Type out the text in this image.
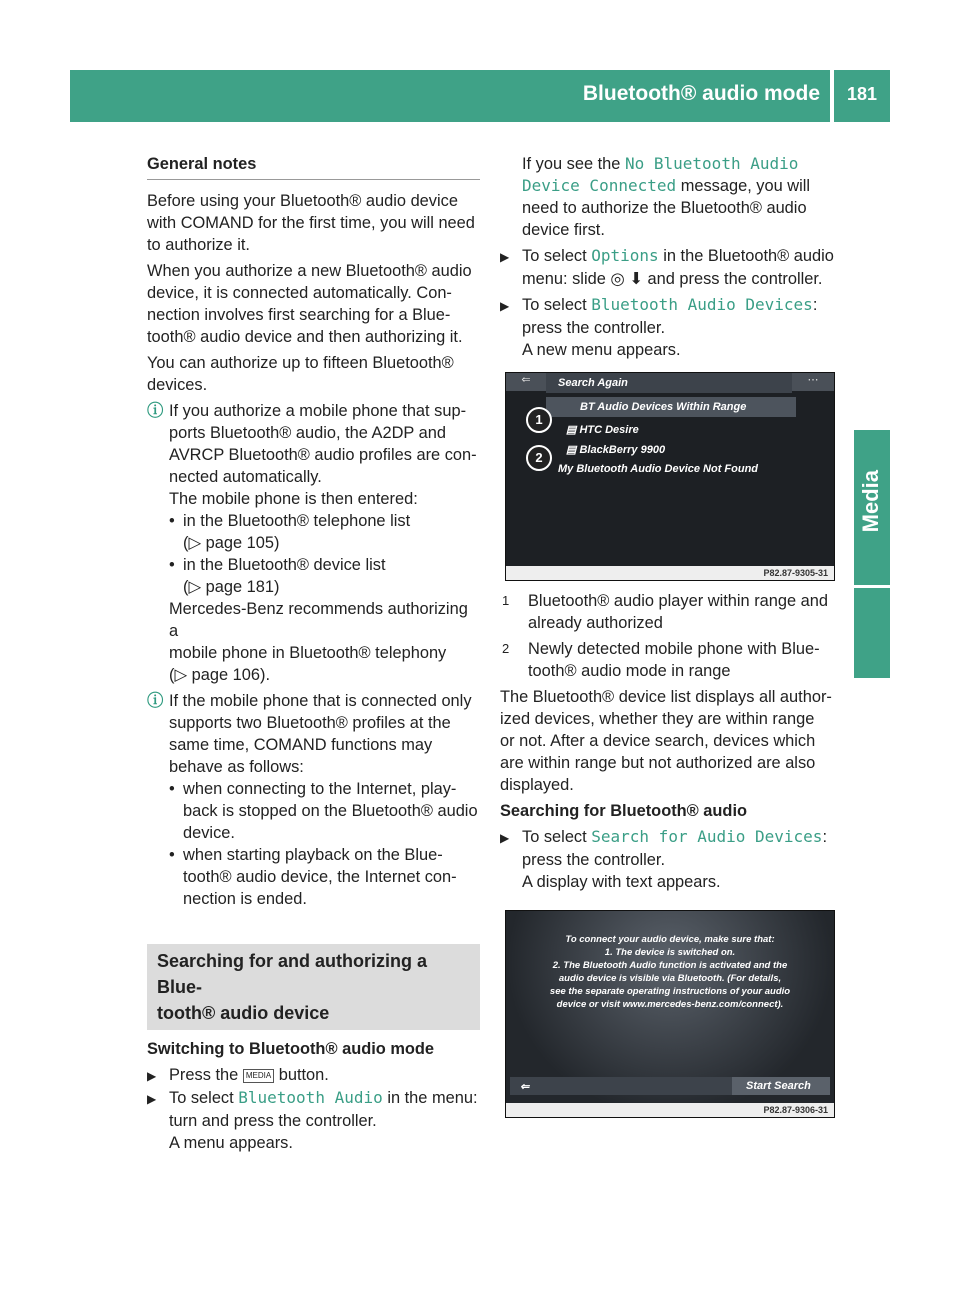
Bluetooth® audio mode	181
Media
General notes
Before using your Bluetooth® audio device
with COMAND for the first time, you will need
to authorize it.
When you authorize a new Bluetooth® audio
device, it is connected automatically. Con-
nection involves first searching for a Blue-
tooth® audio device and then authorizing it.
You can authorize up to fifteen Bluetooth®
devices.
ⓘ If you authorize a mobile phone that sup-
ports Bluetooth® audio, the A2DP and
AVRCP Bluetooth® audio profiles are con-
nected automatically.
The mobile phone is then entered:
• in the Bluetooth® telephone list
(▷ page 105)
• in the Bluetooth® device list
(▷ page 181)
Mercedes-Benz recommends authorizing a
mobile phone in Bluetooth® telephony
(▷ page 106).
ⓘ If the mobile phone that is connected only
supports two Bluetooth® profiles at the
same time, COMAND functions may
behave as follows:
• when connecting to the Internet, play-
back is stopped on the Bluetooth® audio
device.
• when starting playback on the Blue-
tooth® audio device, the Internet con-
nection is ended.
Searching for and authorizing a Blue-
tooth® audio device
Switching to Bluetooth® audio mode
▶ Press the MEDIA button.
▶ To select Bluetooth Audio in the menu:
turn and press the controller.
A menu appears.
If you see the No Bluetooth Audio
Device Connected message, you will
need to authorize the Bluetooth® audio
device first.
▶ To select Options in the Bluetooth® audio
menu: slide ◎ ⬇ and press the controller.
▶ To select Bluetooth Audio Devices:
press the controller.
A new menu appears.
⇐	Search Again	⋯
BT Audio Devices Within Range
▤ HTC Desire
▤ BlackBerry 9900
My Bluetooth Audio Device Not Found
1
2
P82.87-9305-31
1	Bluetooth® audio player within range and
already authorized
2	Newly detected mobile phone with Blue-
tooth® audio mode in range
The Bluetooth® device list displays all author-
ized devices, whether they are within range
or not. After a device search, devices which
are within range but not authorized are also
displayed.
Searching for Bluetooth® audio
▶ To select Search for Audio Devices:
press the controller.
A display with text appears.
To connect your audio device, make sure that:
1. The device is switched on.
2. The Bluetooth Audio function is activated and the
audio device is visible via Bluetooth. (For details,
see the separate operating instructions of your audio
device or visit www.mercedes-benz.com/connect).
⇐	Start Search
P82.87-9306-31
